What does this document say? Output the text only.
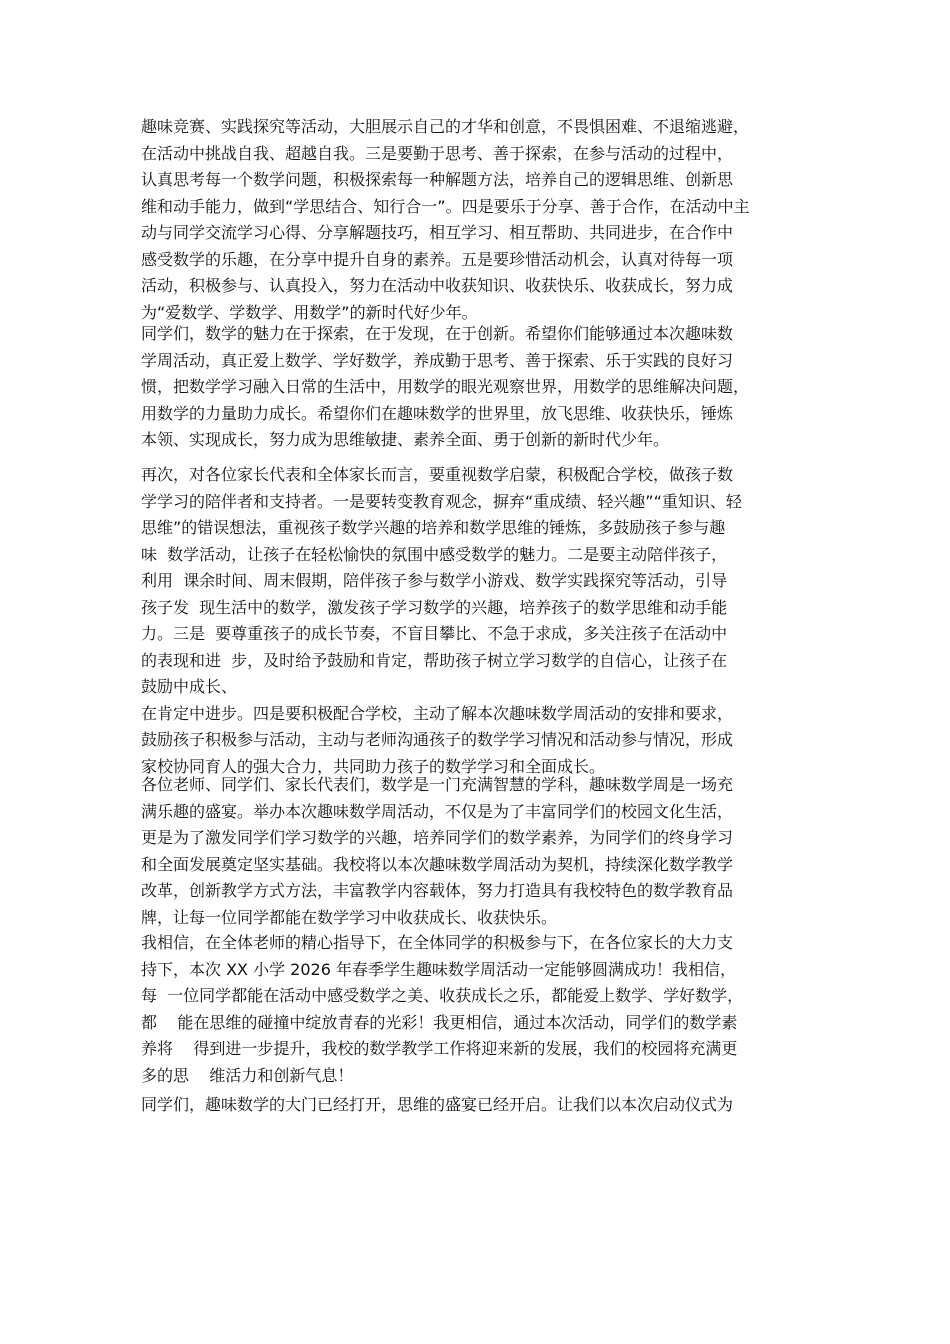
趣味竞赛、实践探究等活动，大胆展示自己的才华和创意，不畏惧困难、不退缩逃避，
在活动中挑战自我、超越自我。三是要勤于思考、善于探索，在参与活动的过程中，
认真思考每一个数学问题，积极探索每一种解题方法，培养自己的逻辑思维、创新思
维和动手能力，做到“学思结合、知行合一”。四是要乐于分享、善于合作，在活动中主
动与同学交流学习心得、分享解题技巧，相互学习、相互帮助、共同进步，在合作中
感受数学的乐趣，在分享中提升自身的素养。五是要珍惜活动机会，认真对待每一项
活动，积极参与、认真投入，努力在活动中收获知识、收获快乐、收获成长，努力成
为“爱数学、学数学、用数学”的新时代好少年。
同学们，数学的魅力在于探索，在于发现，在于创新。希望你们能够通过本次趣味数
学周活动，真正爱上数学、学好数学，养成勤于思考、善于探索、乐于实践的良好习
惯，把数学学习融入日常的生活中，用数学的眼光观察世界，用数学的思维解决问题，
用数学的力量助力成长。希望你们在趣味数学的世界里，放飞思维、收获快乐，锤炼
本领、实现成长，努力成为思维敏捷、素养全面、勇于创新的新时代少年。
再次，对各位家长代表和全体家长而言，要重视数学启蒙，积极配合学校，做孩子数
学学习的陪伴者和支持者。一是要转变教育观念，摒弃“重成绩、轻兴趣”“重知识、轻
思维”的错误想法，重视孩子数学兴趣的培养和数学思维的锤炼，多鼓励孩子参与趣
味  数学活动，让孩子在轻松愉快的氛围中感受数学的魅力。二是要主动陪伴孩子，
利用  课余时间、周末假期，陪伴孩子参与数学小游戏、数学实践探究等活动，引导
孩子发  现生活中的数学，激发孩子学习数学的兴趣，培养孩子的数学思维和动手能
力。三是  要尊重孩子的成长节奏，不盲目攀比、不急于求成，多关注孩子在活动中
的表现和进  步，及时给予鼓励和肯定，帮助孩子树立学习数学的自信心，让孩子在
鼓励中成长、
在肯定中进步。四是要积极配合学校，主动了解本次趣味数学周活动的安排和要求，
鼓励孩子积极参与活动，主动与老师沟通孩子的数学学习情况和活动参与情况，形成
家校协同育人的强大合力，共同助力孩子的数学学习和全面成长。
各位老师、同学们、家长代表们，数学是一门充满智慧的学科，趣味数学周是一场充
满乐趣的盛宴。举办本次趣味数学周活动，不仅是为了丰富同学们的校园文化生活，
更是为了激发同学们学习数学的兴趣，培养同学们的数学素养，为同学们的终身学习
和全面发展奠定坚实基础。我校将以本次趣味数学周活动为契机，持续深化数学教学
改革，创新教学方式方法，丰富教学内容载体，努力打造具有我校特色的数学教育品
牌，让每一位同学都能在数学学习中收获成长、收获快乐。
我相信，在全体老师的精心指导下，在全体同学的积极参与下，在各位家长的大力支
持下，本次 XX 小学 2026 年春季学生趣味数学周活动一定能够圆满成功！我相信，
每  一位同学都能在活动中感受数学之美、收获成长之乐，都能爱上数学、学好数学，
都    能在思维的碰撞中绽放青春的光彩！我更相信，通过本次活动，同学们的数学素
养将    得到进一步提升，我校的数学教学工作将迎来新的发展，我们的校园将充满更
多的思    维活力和创新气息！
同学们，趣味数学的大门已经打开，思维的盛宴已经开启。让我们以本次启动仪式为
